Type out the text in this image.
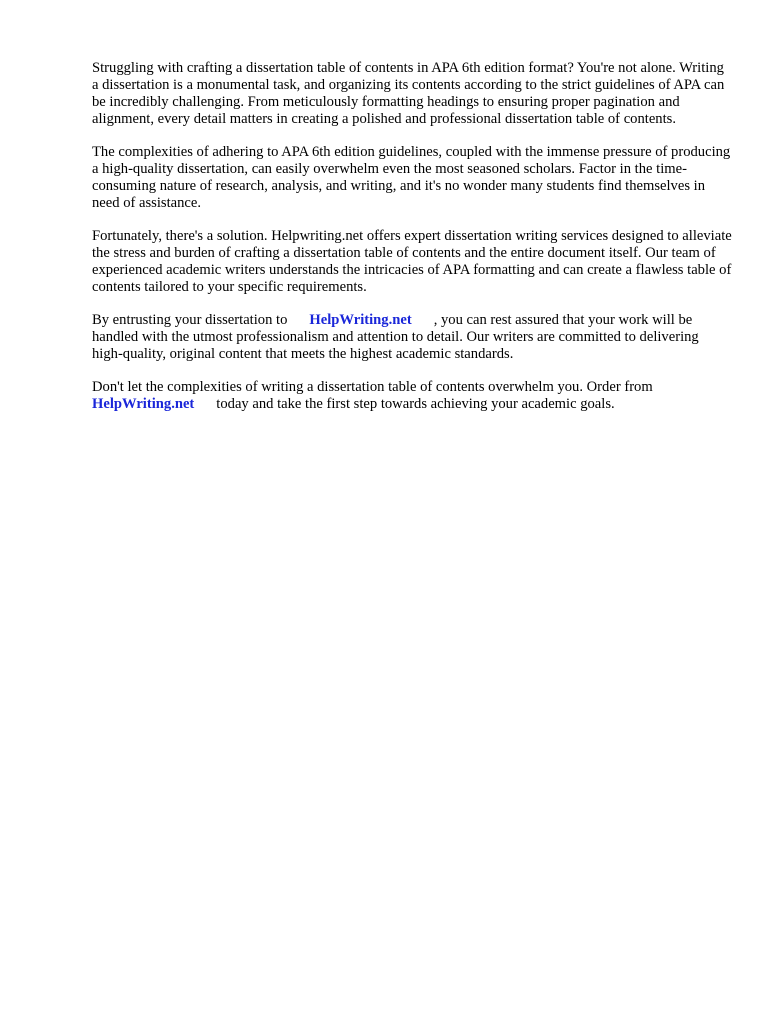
Struggling with crafting a dissertation table of contents in APA 6th edition format? You're not alone. Writing a dissertation is a monumental task, and organizing its contents according to the strict guidelines of APA can be incredibly challenging. From meticulously formatting headings to ensuring proper pagination and alignment, every detail matters in creating a polished and professional dissertation table of contents.

The complexities of adhering to APA 6th edition guidelines, coupled with the immense pressure of producing a high-quality dissertation, can easily overwhelm even the most seasoned scholars. Factor in the time-consuming nature of research, analysis, and writing, and it's no wonder many students find themselves in need of assistance.

Fortunately, there's a solution. Helpwriting.net offers expert dissertation writing services designed to alleviate the stress and burden of crafting a dissertation table of contents and the entire document itself. Our team of experienced academic writers understands the intricacies of APA formatting and can create a flawless table of contents tailored to your specific requirements.

By entrusting your dissertation to HelpWriting.net , you can rest assured that your work will be handled with the utmost professionalism and attention to detail. Our writers are committed to delivering high-quality, original content that meets the highest academic standards.

Don't let the complexities of writing a dissertation table of contents overwhelm you. Order from HelpWriting.net today and take the first step towards achieving your academic goals.
